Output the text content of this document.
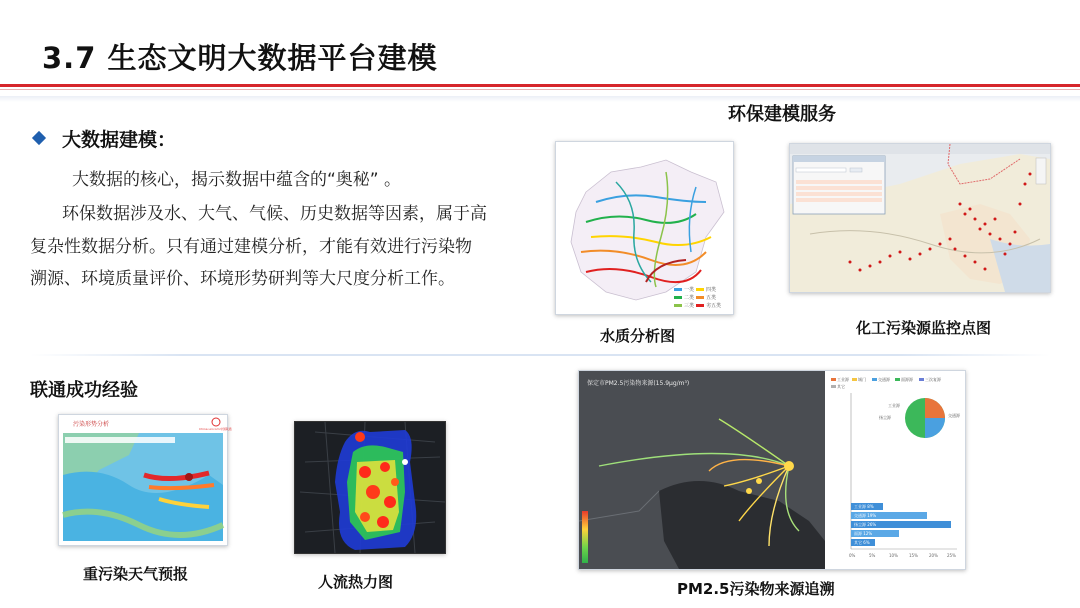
3.7 生态文明大数据平台建模
大数据建模：
大数据的核心，揭示数据中蕴含的“奥秘” 。
环保数据涉及水、大气、气候、历史数据等因素，属于高
复杂性数据分析。只有通过建模分析，才能有效进行污染物
溯源、环境质量评价、环境形势研判等大尺度分析工作。
环保建模服务
一类
二类
三类
四类
五类
劣五类
水质分析图	化工污染源监控点图
联通成功经验
污染形势分析
China unicom中国联通
重污染天气预报	人流热力图
保定市PM2.5污染物来源(15.9μg/m³)
工业源 城门	交通源	面源源	三次复源
其它
工业源
扬尘源	交通源
工业源 8%
交通源 19%
扬尘源 26%
面源 12%
其它 6%
0%	5%	10%	15%	20% 25%
PM2.5污染物来源追溯
